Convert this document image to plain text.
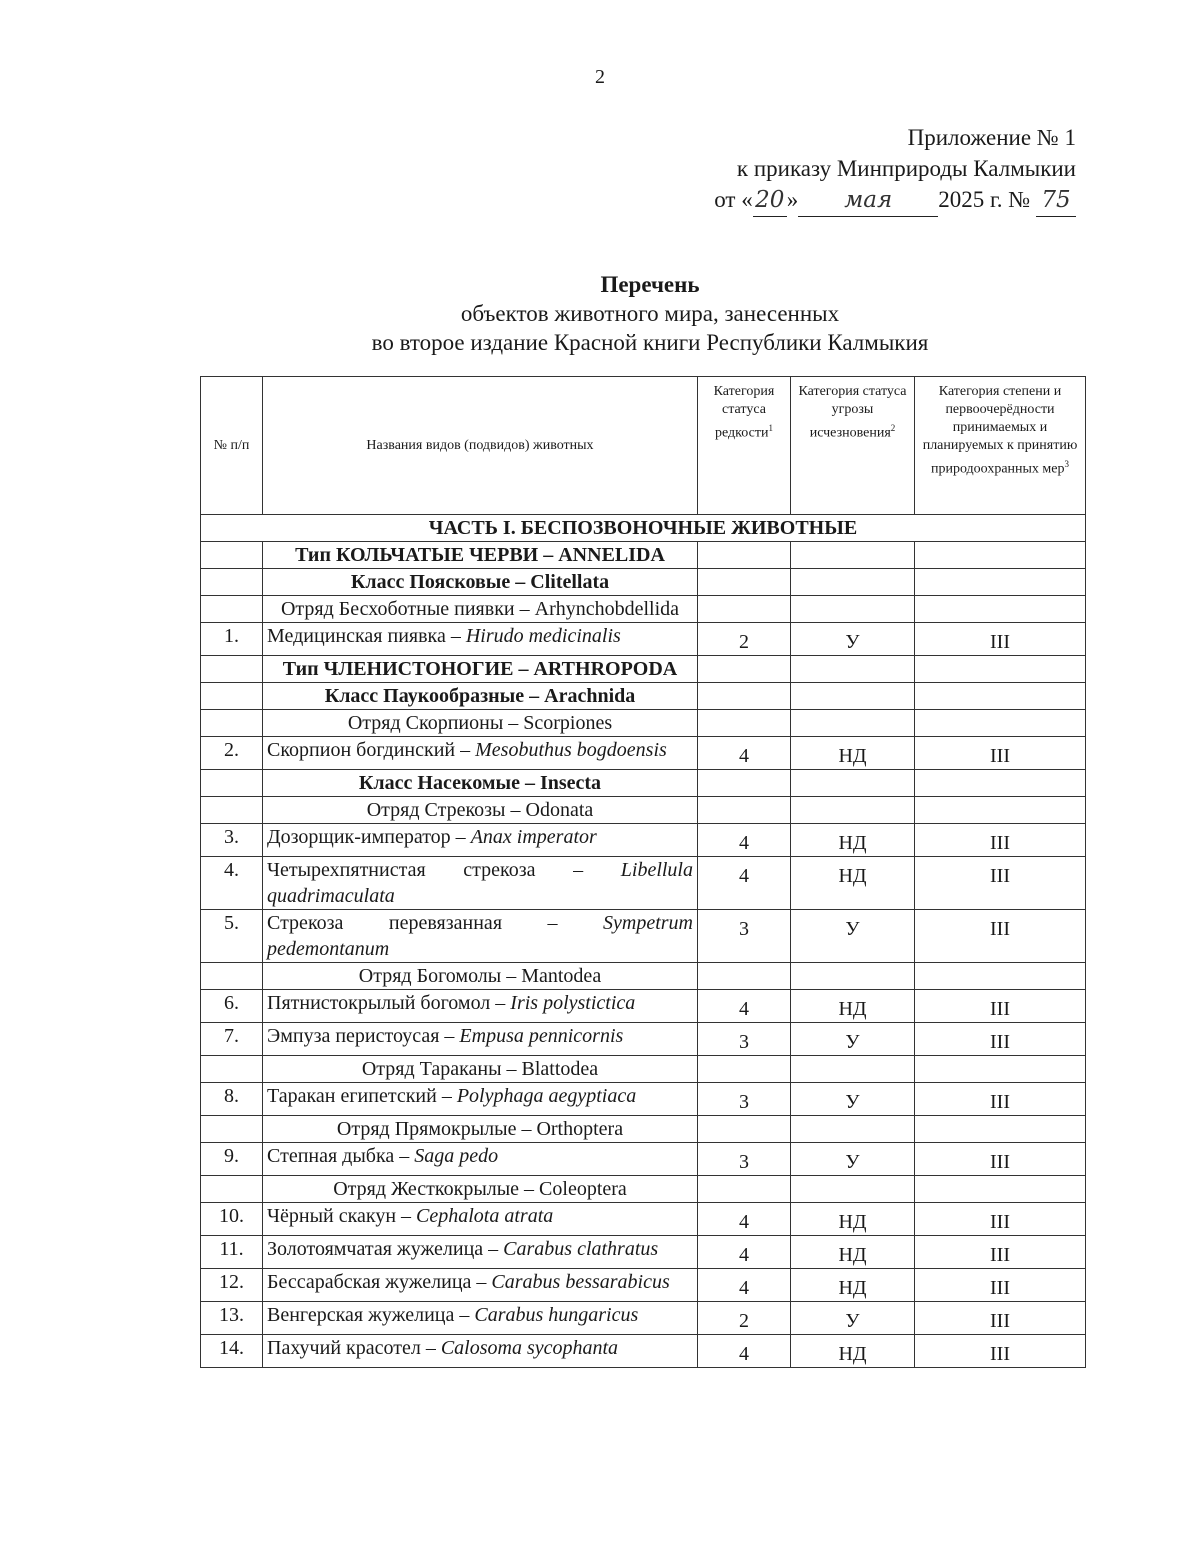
2
Приложение № 1
к приказу Минприроды Калмыкии
от « 20 » мая 2025 г. № 75
Перечень
объектов животного мира, занесенных
во второе издание Красной книги Республики Калмыкия
№ п/п	Названия видов (подвидов) животных	Категория статуса редкости$^1$	Категория статуса угрозы исчезновения$^2$	Категория степени и первоочерёдности принимаемых и планируемых к принятию природоохранных мер$^3$
ЧАСТЬ I. БЕСПОЗВОНОЧНЫЕ ЖИВОТНЫЕ				
	Тип КОЛЬЧАТЫЕ ЧЕРВИ – ANNELIDA			
	Класс Поясковые – Clitellata			
	Отряд Бесхоботные пиявки – Arhynchobdellida			
1.	Медицинская пиявка – Hirudo medicinalis	2	У	III
	Тип ЧЛЕНИСТОНОГИЕ – ARTHROPODA			
	Класс Паукообразные – Arachnida			
	Отряд Скорпионы – Scorpiones			
2.	Скорпион богдинский – Mesobuthus bogdoensis	4	НД	III
	Класс Насекомые – Insecta			
	Отряд Стрекозы – Odonata			
3.	Дозорщик-император – Anax imperator	4	НД	III
4.	Четырехпятнистая стрекоза – Libellula quadrimaculata	4	НД	III
5.	Стрекоза перевязанная – Sympetrum pedemontanum	3	У	III
	Отряд Богомолы – Mantodea			
6.	Пятнистокрылый богомол – Iris polystictica	4	НД	III
7.	Эмпуза перистоусая – Empusa pennicornis	3	У	III
	Отряд Тараканы – Blattodea			
8.	Таракан египетский – Polyphaga aegyptiaca	3	У	III
	Отряд Прямокрылые – Orthoptera			
9.	Степная дыбка – Saga pedo	3	У	III
	Отряд Жесткокрылые – Coleoptera			
10.	Чёрный скакун – Cephalota atrata	4	НД	III
11.	Золотоямчатая жужелица – Carabus clathratus	4	НД	III
12.	Бессарабская жужелица – Carabus bessarabicus	4	НД	III
13.	Венгерская жужелица – Carabus hungaricus	2	У	III
14.	Пахучий красотел – Calosoma sycophanta	4	НД	III
